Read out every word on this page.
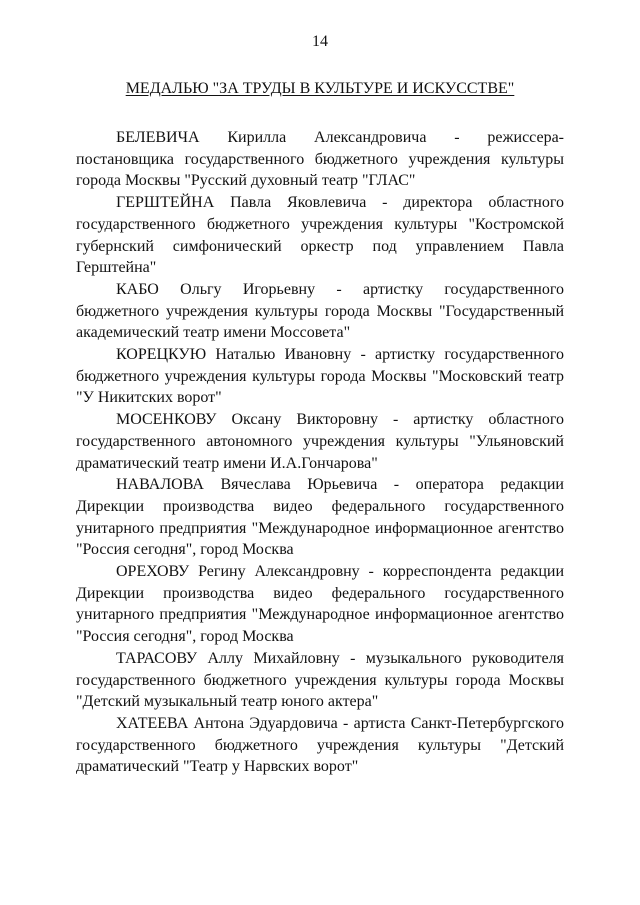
14
МЕДАЛЬЮ "ЗА ТРУДЫ В КУЛЬТУРЕ И ИСКУССТВЕ"

БЕЛЕВИЧА Кирилла Александровича - режиссера-постановщика государственного бюджетного учреждения культуры города Москвы "Русский духовный театр "ГЛАС"

ГЕРШТЕЙНА Павла Яковлевича - директора областного государственного бюджетного учреждения культуры "Костромской губернский симфонический оркестр под управлением Павла Герштейна"

КАБО Ольгу Игорьевну - артистку государственного бюджетного учреждения культуры города Москвы "Государственный академический театр имени Моссовета"

КОРЕЦКУЮ Наталью Ивановну - артистку государственного бюджетного учреждения культуры города Москвы "Московский театр "У Никитских ворот"

МОСЕНКОВУ Оксану Викторовну - артистку областного государственного автономного учреждения культуры "Ульяновский драматический театр имени И.А.Гончарова"

НАВАЛОВА Вячеслава Юрьевича - оператора редакции Дирекции производства видео федерального государственного унитарного предприятия "Международное информационное агентство "Россия сегодня", город Москва

ОРЕХОВУ Регину Александровну - корреспондента редакции Дирекции производства видео федерального государственного унитарного предприятия "Международное информационное агентство "Россия сегодня", город Москва

ТАРАСОВУ Аллу Михайловну - музыкального руководителя государственного бюджетного учреждения культуры города Москвы "Детский музыкальный театр юного актера"

ХАТЕЕВА Антона Эдуардовича - артиста Санкт-Петербургского государственного бюджетного учреждения культуры "Детский драматический "Театр у Нарвских ворот"
